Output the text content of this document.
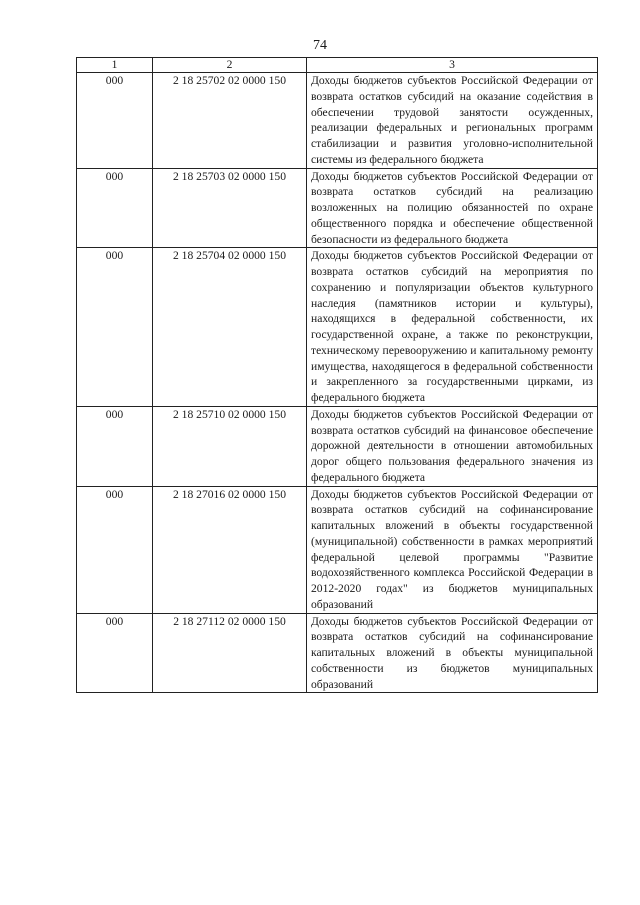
74
1	2	3
000	2 18 25702 02 0000 150	Доходы бюджетов субъектов Российской Федерации от возврата остатков субсидий на оказание содействия в обеспечении трудовой занятости осужденных, реализации федеральных и региональных программ стабилизации и развития уголовно-исполнительной системы из федерального бюджета
000	2 18 25703 02 0000 150	Доходы бюджетов субъектов Российской Федерации от возврата остатков субсидий на реализацию возложенных на полицию обязанностей по охране общественного порядка и обеспечение общественной безопасности из федерального бюджета
000	2 18 25704 02 0000 150	Доходы бюджетов субъектов Российской Федерации от возврата остатков субсидий на мероприятия по сохранению и популяризации объектов культурного наследия (памятников истории и культуры), находящихся в федеральной собственности, их государственной охране, а также по реконструкции, техническому перевооружению и капитальному ремонту имущества, находящегося в федеральной собственности и закрепленного за государственными цирками, из федерального бюджета
000	2 18 25710 02 0000 150	Доходы бюджетов субъектов Российской Федерации от возврата остатков субсидий на финансовое обеспечение дорожной деятельности в отношении автомобильных дорог общего пользования федерального значения из федерального бюджета
000	2 18 27016 02 0000 150	Доходы бюджетов субъектов Российской Федерации от возврата остатков субсидий на софинансирование капитальных вложений в объекты государственной (муниципальной) собственности в рамках мероприятий федеральной целевой программы "Развитие водохозяйственного комплекса Российской Федерации в 2012-2020 годах" из бюджетов муниципальных образований
000	2 18 27112 02 0000 150	Доходы бюджетов субъектов Российской Федерации от возврата остатков субсидий на софинансирование капитальных вложений в объекты муниципальной собственности из бюджетов муниципальных образований
